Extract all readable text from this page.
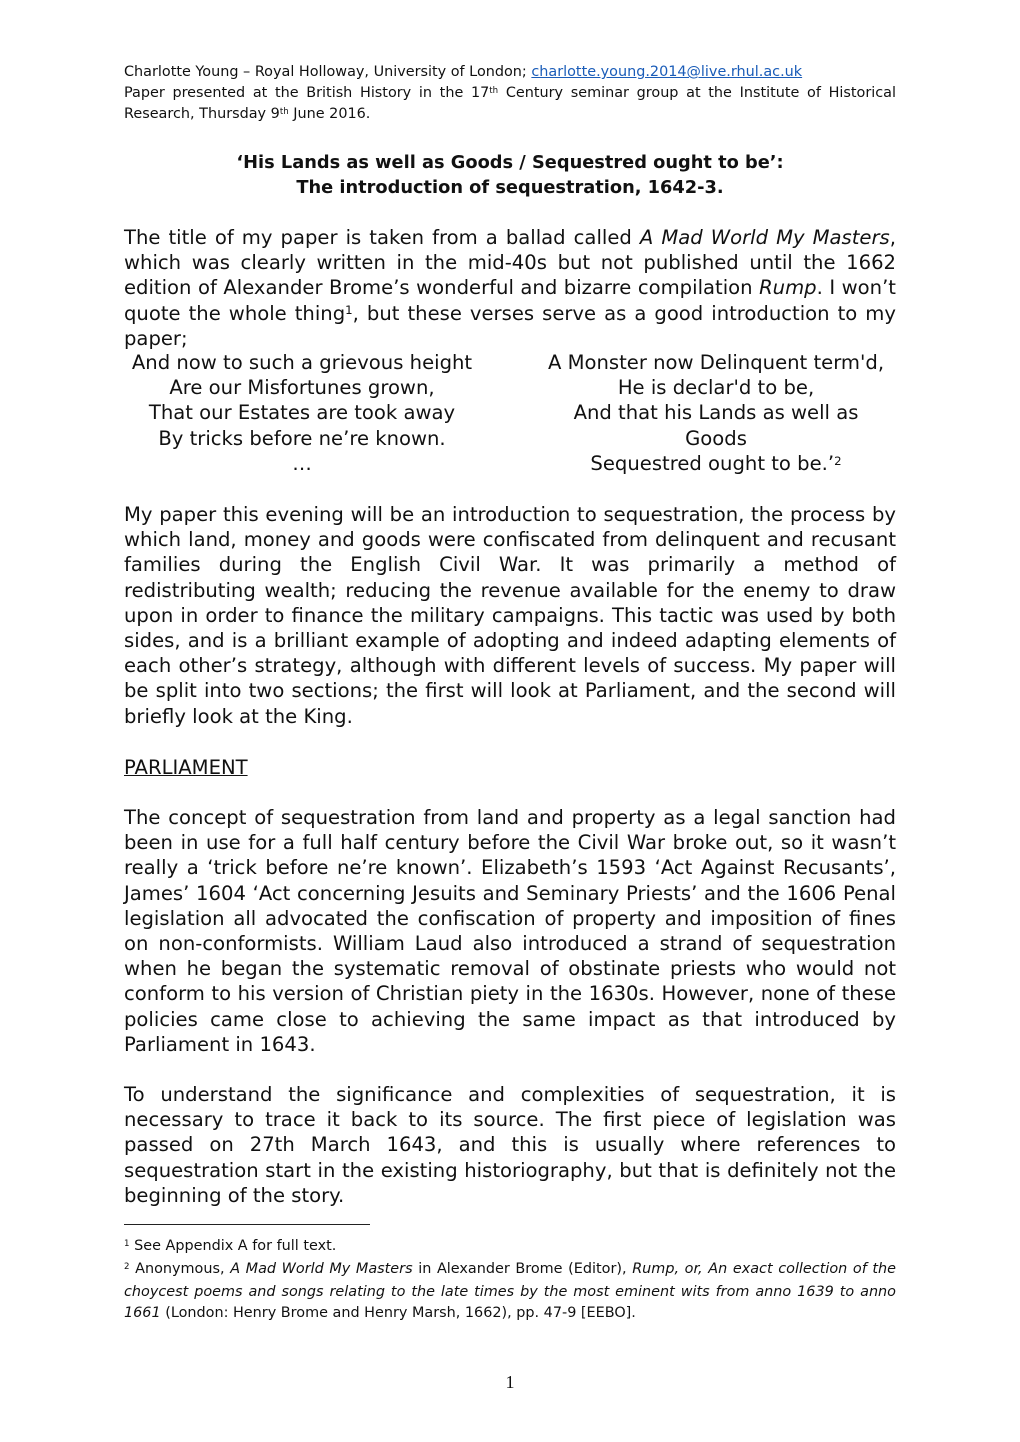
Charlotte Young – Royal Holloway, University of London; charlotte.young.2014@live.rhul.ac.uk

Paper presented at the British History in the 17th Century seminar group at the Institute of Historical Research, Thursday 9th June 2016.

‘His Lands as well as Goods / Sequestred ought to be’:
The introduction of sequestration, 1642-3.

The title of my paper is taken from a ballad called A Mad World My Masters, which was clearly written in the mid-40s but not published until the 1662 edition of Alexander Brome’s wonderful and bizarre compilation Rump. I won’t quote the whole thing$^1$, but these verses serve as a good introduction to my paper;

And now to such a grievous height
Are our Misfortunes grown,
That our Estates are took away
By tricks before ne’re known.
…
A Monster now Delinquent term'd,
He is declar'd to be,
And that his Lands as well as
Goods
Sequestred ought to be.’$^2$

My paper this evening will be an introduction to sequestration, the process by which land, money and goods were confiscated from delinquent and recusant families during the English Civil War. It was primarily a method of redistributing wealth; reducing the revenue available for the enemy to draw upon in order to finance the military campaigns. This tactic was used by both sides, and is a brilliant example of adopting and indeed adapting elements of each other’s strategy, although with different levels of success. My paper will be split into two sections; the first will look at Parliament, and the second will briefly look at the King.

PARLIAMENT

The concept of sequestration from land and property as a legal sanction had been in use for a full half century before the Civil War broke out, so it wasn’t really a ‘trick before ne’re known’. Elizabeth’s 1593 ‘Act Against Recusants’, James’ 1604 ‘Act concerning Jesuits and Seminary Priests’ and the 1606 Penal legislation all advocated the confiscation of property and imposition of fines on non-conformists. William Laud also introduced a strand of sequestration when he began the systematic removal of obstinate priests who would not conform to his version of Christian piety in the 1630s. However, none of these policies came close to achieving the same impact as that introduced by Parliament in 1643.

To understand the significance and complexities of sequestration, it is necessary to trace it back to its source. The first piece of legislation was passed on 27th March 1643, and this is usually where references to sequestration start in the existing historiography, but that is definitely not the beginning of the story.

$^1$ See Appendix A for full text.

$^2$ Anonymous, A Mad World My Masters in Alexander Brome (Editor), Rump, or, An exact collection of the choycest poems and songs relating to the late times by the most eminent wits from anno 1639 to anno 1661 (London: Henry Brome and Henry Marsh, 1662), pp. 47-9 [EEBO].

1
